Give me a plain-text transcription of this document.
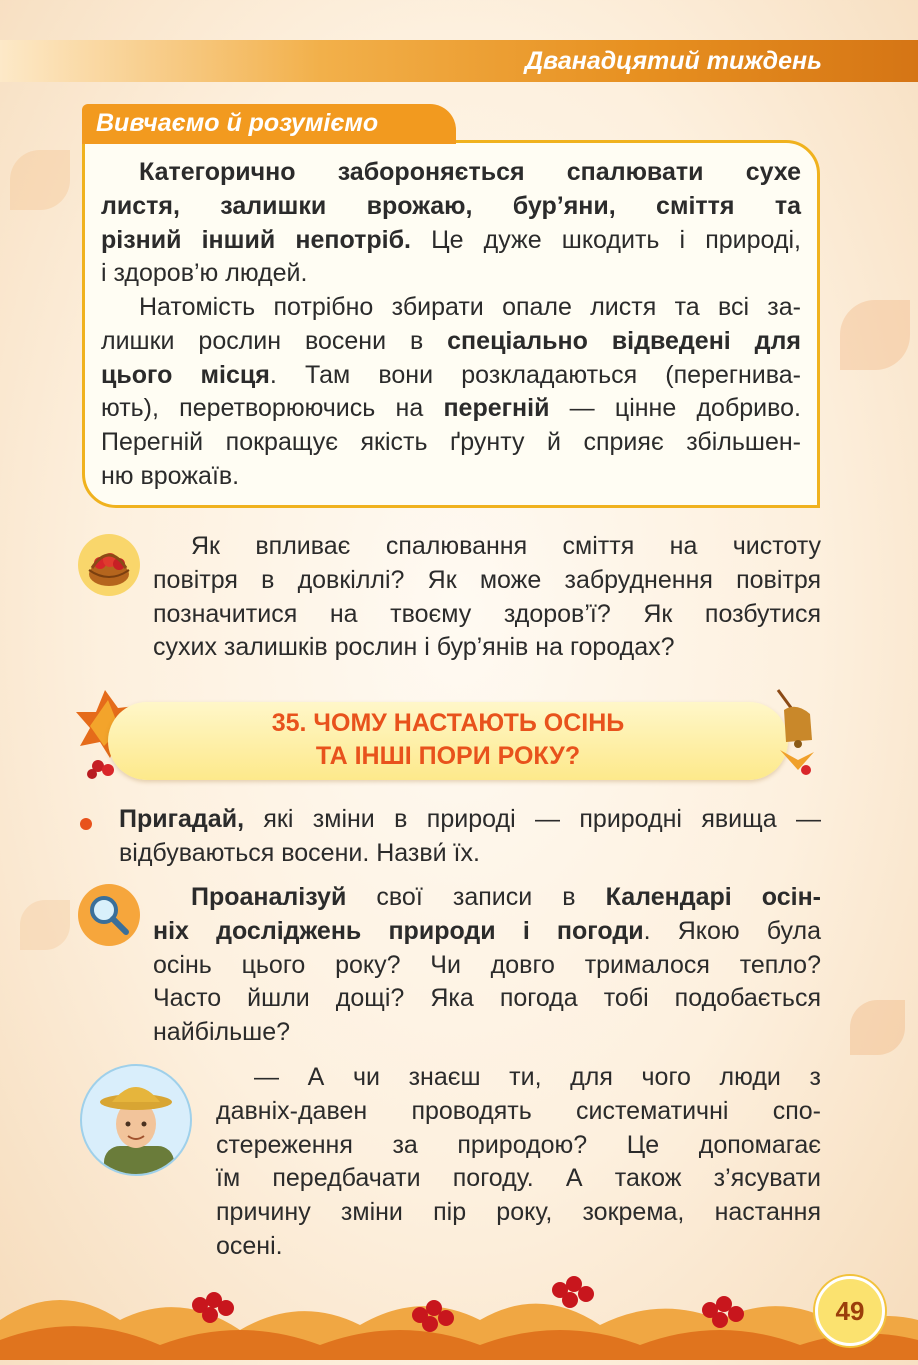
Дванадцятий тиждень
Вивчаємо й розуміємо
Категорично забороняється спалювати сухе
листя, залишки врожаю, бур’яни, сміття та
різний інший непотріб. Це дуже шкодить і природі,
і здоров’ю людей.
Натомість потрібно збирати опале листя та всі за-
лишки рослин восени в спеціально відведені для
цього місця. Там вони розкладаються (перегнива-
ють), перетворюючись на перегній — цінне добриво.
Перегній покращує якість ґрунту й сприяє збільшен-
ню врожаїв.
Як впливає спалювання сміття на чистоту
повітря в довкіллі? Як може забруднення повітря
позначитися на твоєму здоров’ї? Як позбутися
сухих залишків рослин і бур’янів на городах?
35. ЧОМУ НАСТАЮТЬ ОСІНЬ
ТА ІНШІ ПОРИ РОКУ?
Пригадай, які зміни в природі — природні явища —
відбуваються восени. Назви́ їх.
Проаналізуй свої записи в Календарі осін-
ніх досліджень природи і погоди. Якою була
осінь цього року? Чи довго трималося тепло?
Часто йшли дощі? Яка погода тобі подобається
найбільше?
— А чи знаєш ти, для чого люди з
давніх-давен проводять систематичні спо-
стереження за природою? Це допомагає
їм передбачати погоду. А також з’ясувати
причину зміни пір року, зокрема, настання
осені.
49
